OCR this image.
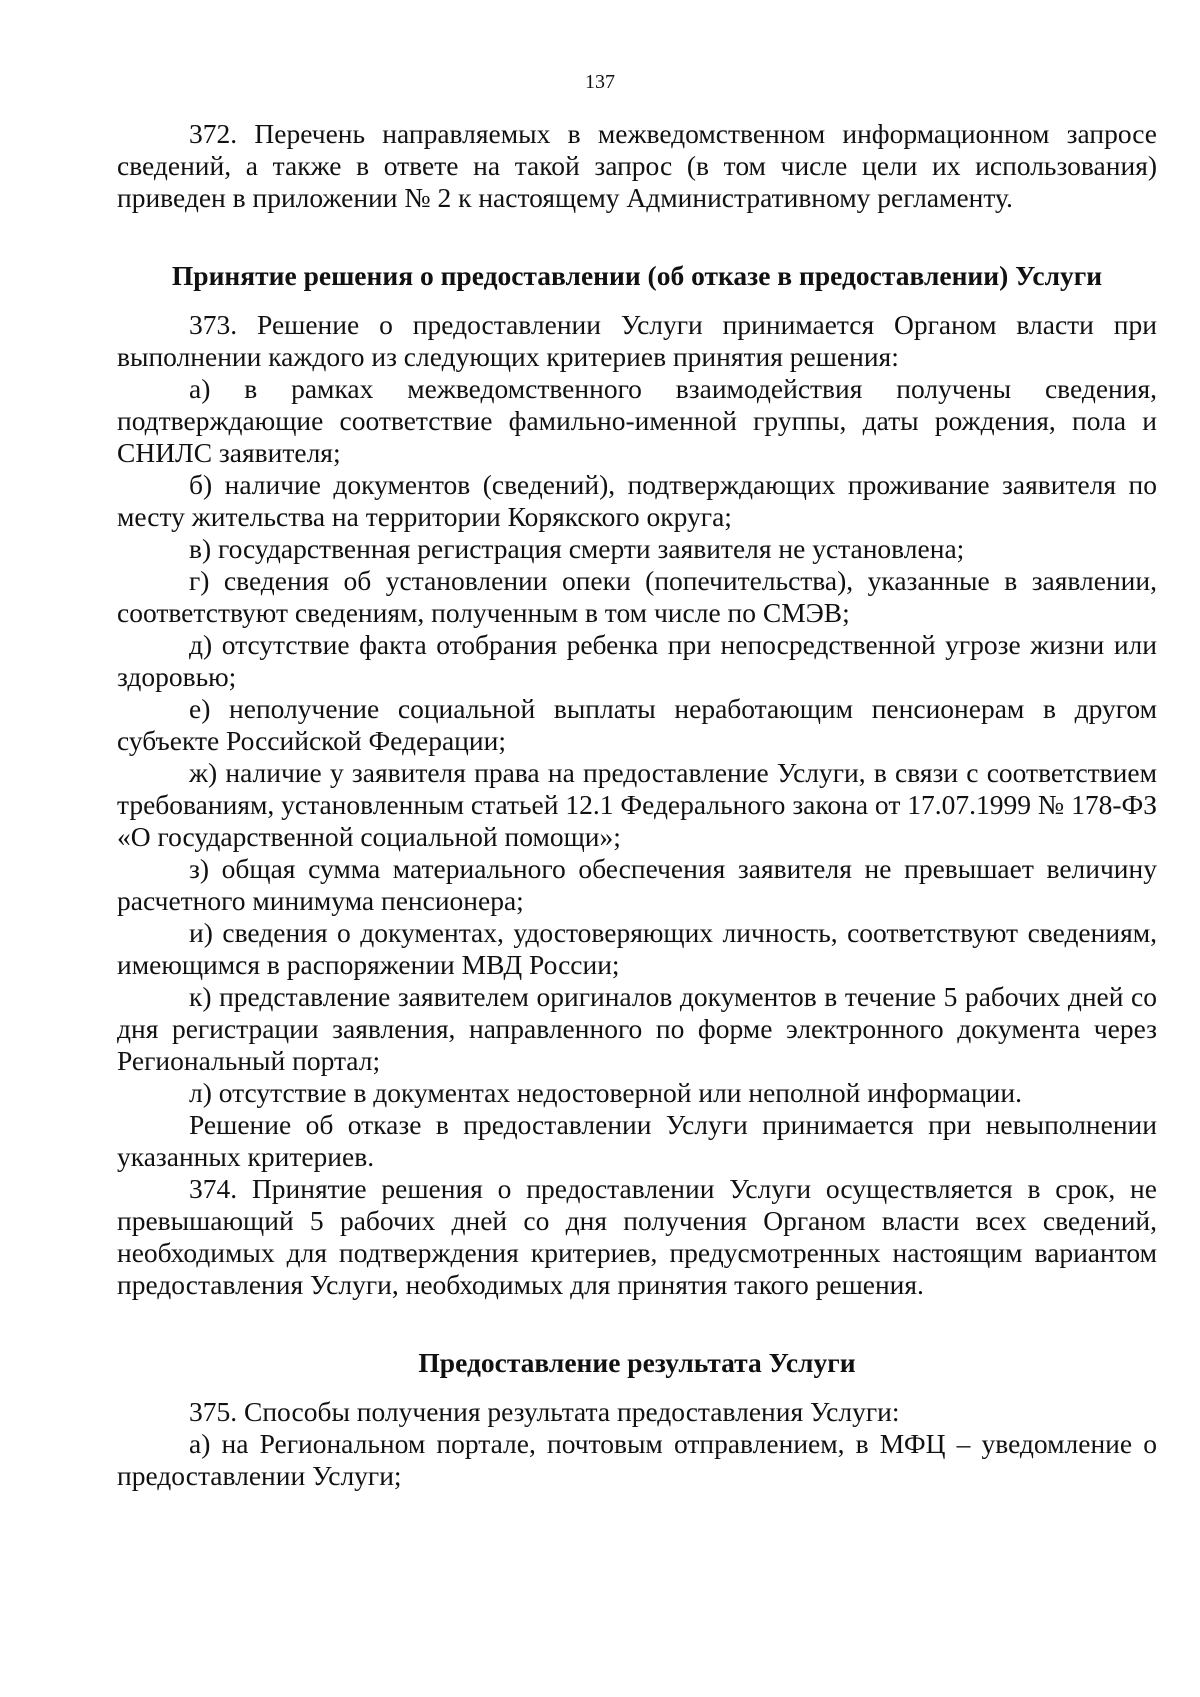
137

372. Перечень направляемых в межведомственном информационном запросе сведений, а также в ответе на такой запрос (в том числе цели их использования) приведен в приложении № 2 к настоящему Административному регламенту.

Принятие решения о предоставлении (об отказе в предоставлении) Услуги

373. Решение о предоставлении Услуги принимается Органом власти при выполнении каждого из следующих критериев принятия решения:

а) в рамках межведомственного взаимодействия получены сведения, подтверждающие соответствие фамильно-именной группы, даты рождения, пола и СНИЛС заявителя;

б) наличие документов (сведений), подтверждающих проживание заявителя по месту жительства на территории Корякского округа;

в) государственная регистрация смерти заявителя не установлена;

г) сведения об установлении опеки (попечительства), указанные в заявлении, соответствуют сведениям, полученным в том числе по СМЭВ;

д) отсутствие факта отобрания ребенка при непосредственной угрозе жизни или здоровью;

е) неполучение социальной выплаты неработающим пенсионерам в другом субъекте Российской Федерации;

ж) наличие у заявителя права на предоставление Услуги, в связи с соответствием требованиям, установленным статьей 12.1 Федерального закона от 17.07.1999 № 178-ФЗ «О государственной социальной помощи»;

з) общая сумма материального обеспечения заявителя не превышает величину расчетного минимума пенсионера;

и) сведения о документах, удостоверяющих личность, соответствуют сведениям, имеющимся в распоряжении МВД России;

к) представление заявителем оригиналов документов в течение 5 рабочих дней со дня регистрации заявления, направленного по форме электронного документа через Региональный портал;

л) отсутствие в документах недостоверной или неполной информации.

Решение об отказе в предоставлении Услуги принимается при невыполнении указанных критериев.

374. Принятие решения о предоставлении Услуги осуществляется в срок, не превышающий 5 рабочих дней со дня получения Органом власти всех сведений, необходимых для подтверждения критериев, предусмотренных настоящим вариантом предоставления Услуги, необходимых для принятия такого решения.

Предоставление результата Услуги

375. Способы получения результата предоставления Услуги:

а) на Региональном портале, почтовым отправлением, в МФЦ – уведомление о предоставлении Услуги;
